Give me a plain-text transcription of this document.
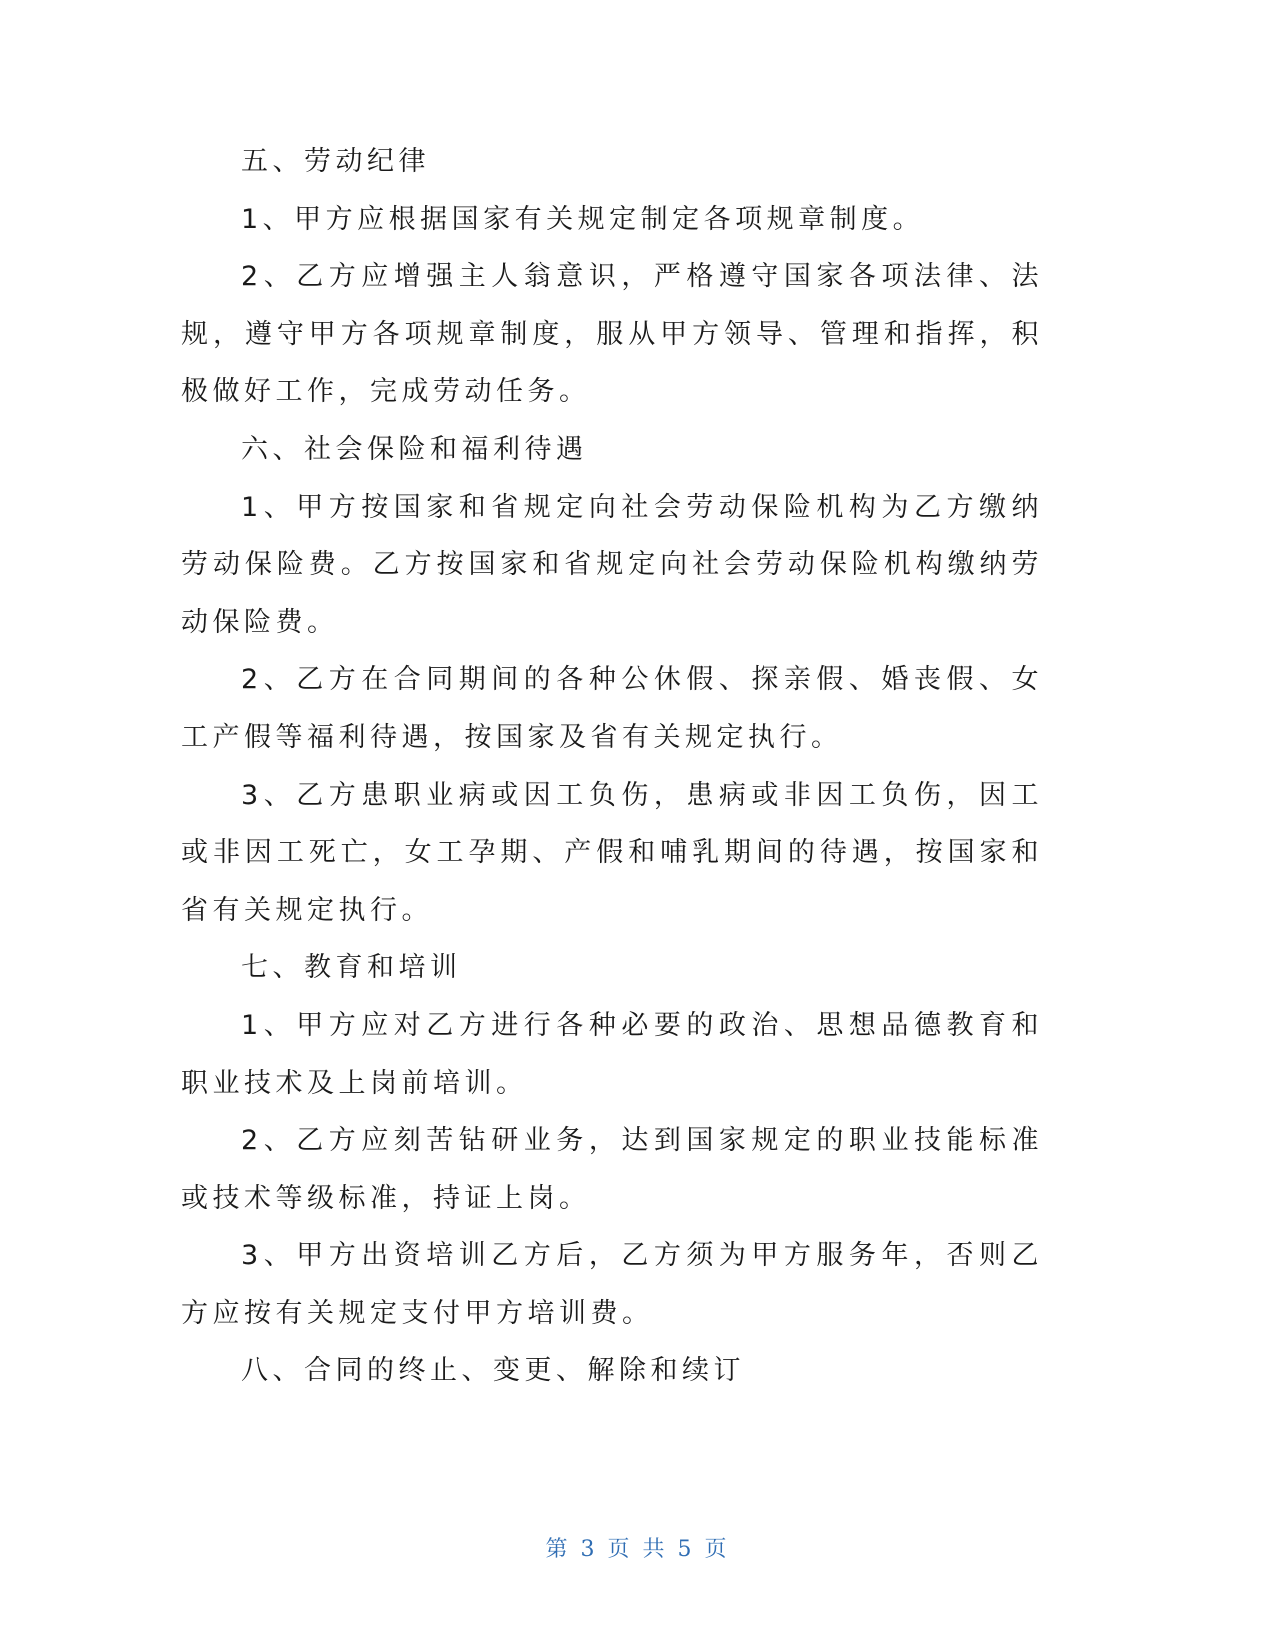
五、劳动纪律

1、甲方应根据国家有关规定制定各项规章制度。

2、乙方应增强主人翁意识，严格遵守国家各项法律、法规，遵守甲方各项规章制度，服从甲方领导、管理和指挥，积极做好工作，完成劳动任务。

六、社会保险和福利待遇

1、甲方按国家和省规定向社会劳动保险机构为乙方缴纳劳动保险费。乙方按国家和省规定向社会劳动保险机构缴纳劳动保险费。

2、乙方在合同期间的各种公休假、探亲假、婚丧假、女工产假等福利待遇，按国家及省有关规定执行。

3、乙方患职业病或因工负伤，患病或非因工负伤，因工或非因工死亡，女工孕期、产假和哺乳期间的待遇，按国家和省有关规定执行。

七、教育和培训

1、甲方应对乙方进行各种必要的政治、思想品德教育和职业技术及上岗前培训。

2、乙方应刻苦钻研业务，达到国家规定的职业技能标准或技术等级标准，持证上岗。

3、甲方出资培训乙方后，乙方须为甲方服务年，否则乙方应按有关规定支付甲方培训费。

八、合同的终止、变更、解除和续订

第 3 页 共 5 页
